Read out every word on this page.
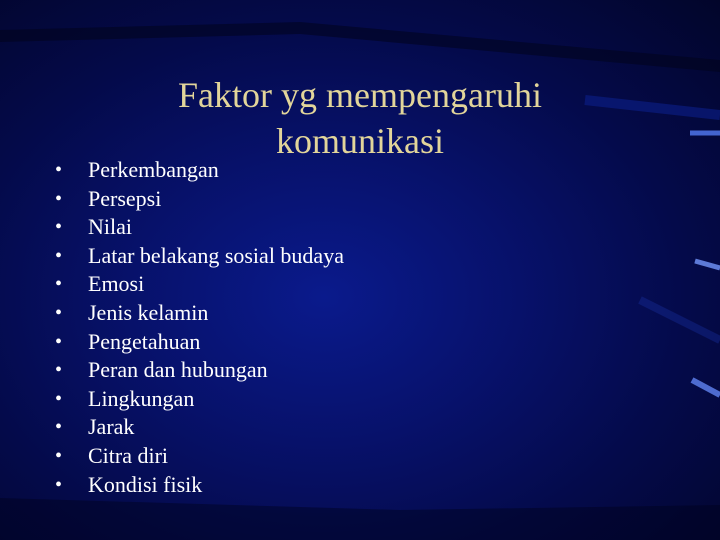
Faktor yg mempengaruhi
komunikasi
•	Perkembangan
•	Persepsi
•	Nilai
•	Latar belakang sosial budaya
•	Emosi
•	Jenis kelamin
•	Pengetahuan
•	Peran dan hubungan
•	Lingkungan
•	Jarak
•	Citra diri
•	Kondisi fisik
